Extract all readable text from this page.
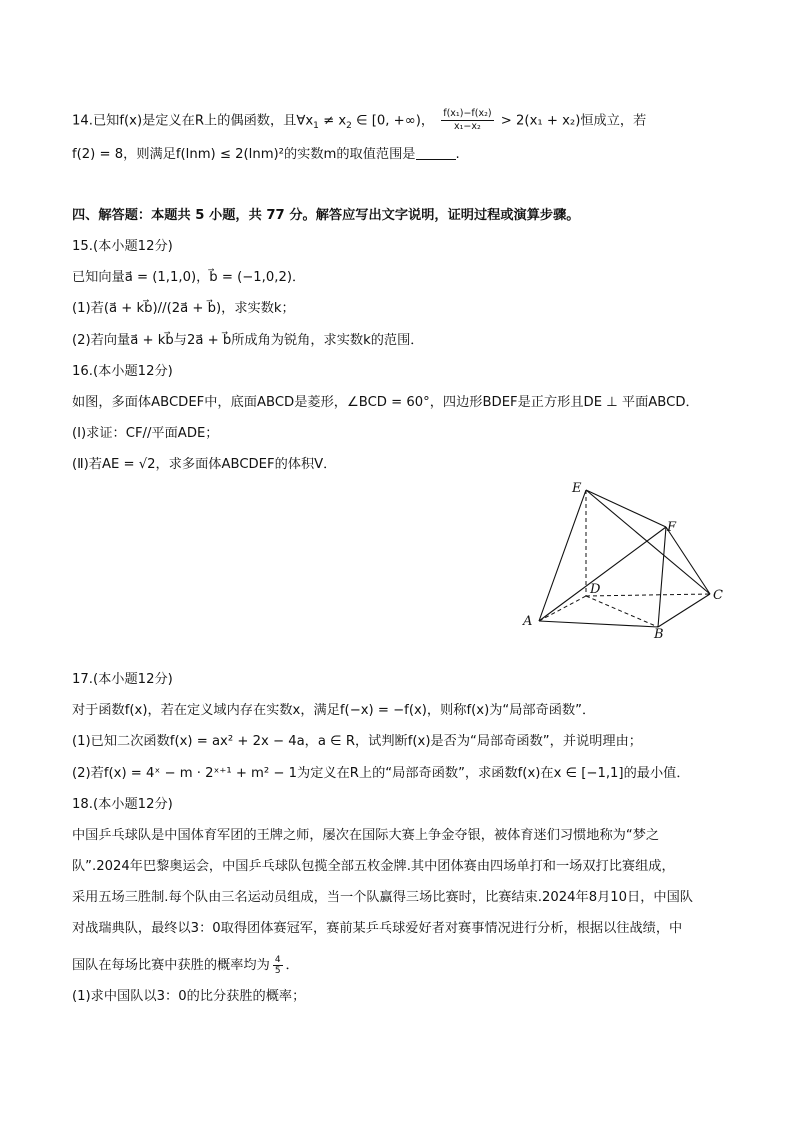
14.已知f(x)是定义在R上的偶函数，且$\forall x_1 \ne x_2$ ∈ [0, +∞)， $\frac{\text{f(x₁)−f(x₂)}}{\text{x₁−x₂}} > 2(x_1 + x_2)$恒成立，若
f(2) = 8，则满足f(lnm) ≤ 2(lnm)²的实数m的取值范围是	.
四、解答题：本题共 5 小题，共 77 分。解答应写出文字说明，证明过程或演算步骤。
15.(本小题12分)
已知向量a⃗ = (1,1,0)，b⃗ = (−1,0,2)．
(1)若(a⃗ + kb⃗)//(2a⃗ + b⃗)，求实数k；
(2)若向量a⃗ + kb⃗与2a⃗ + b⃗所成角为锐角，求实数k的范围．
16.(本小题12分)
如图，多面体ABCDEF中，底面ABCD是菱形，∠BCD = 60°，四边形BDEF是正方形且DE ⊥ 平面ABCD．
(Ⅰ)求证：CF//平面ADE；
(Ⅱ)若AE = √2，求多面体ABCDEF的体积V．
E
F
D	C
A
B
17.(本小题12分)
对于函数f(x)，若在定义域内存在实数x，满足f(−x) = −f(x)，则称f(x)为“局部奇函数”．
(1)已知二次函数f(x) = ax² + 2x − 4a，a ∈ R，试判断f(x)是否为“局部奇函数”，并说明理由；
(2)若f(x) = 4ˣ − m · 2ˣ⁺¹ + m² − 1为定义在R上的“局部奇函数”，求函数f(x)在x ∈ [−1,1]的最小值．
18.(本小题12分)
中国乒乓球队是中国体育军团的王牌之师，屡次在国际大赛上争金夺银，被体育迷们习惯地称为“梦之
队”.2024年巴黎奥运会，中国乒乓球队包揽全部五枚金牌.其中团体赛由四场单打和一场双打比赛组成，
采用五场三胜制.每个队由三名运动员组成，当一个队赢得三场比赛时，比赛结束.2024年8月10日，中国队
对战瑞典队，最终以3：0取得团体赛冠军，赛前某乒乓球爱好者对赛事情况进行分析，根据以往战绩，中
国队在每场比赛中获胜的概率均为 $\frac{4}{5}$ ．
(1)求中国队以3：0的比分获胜的概率；
